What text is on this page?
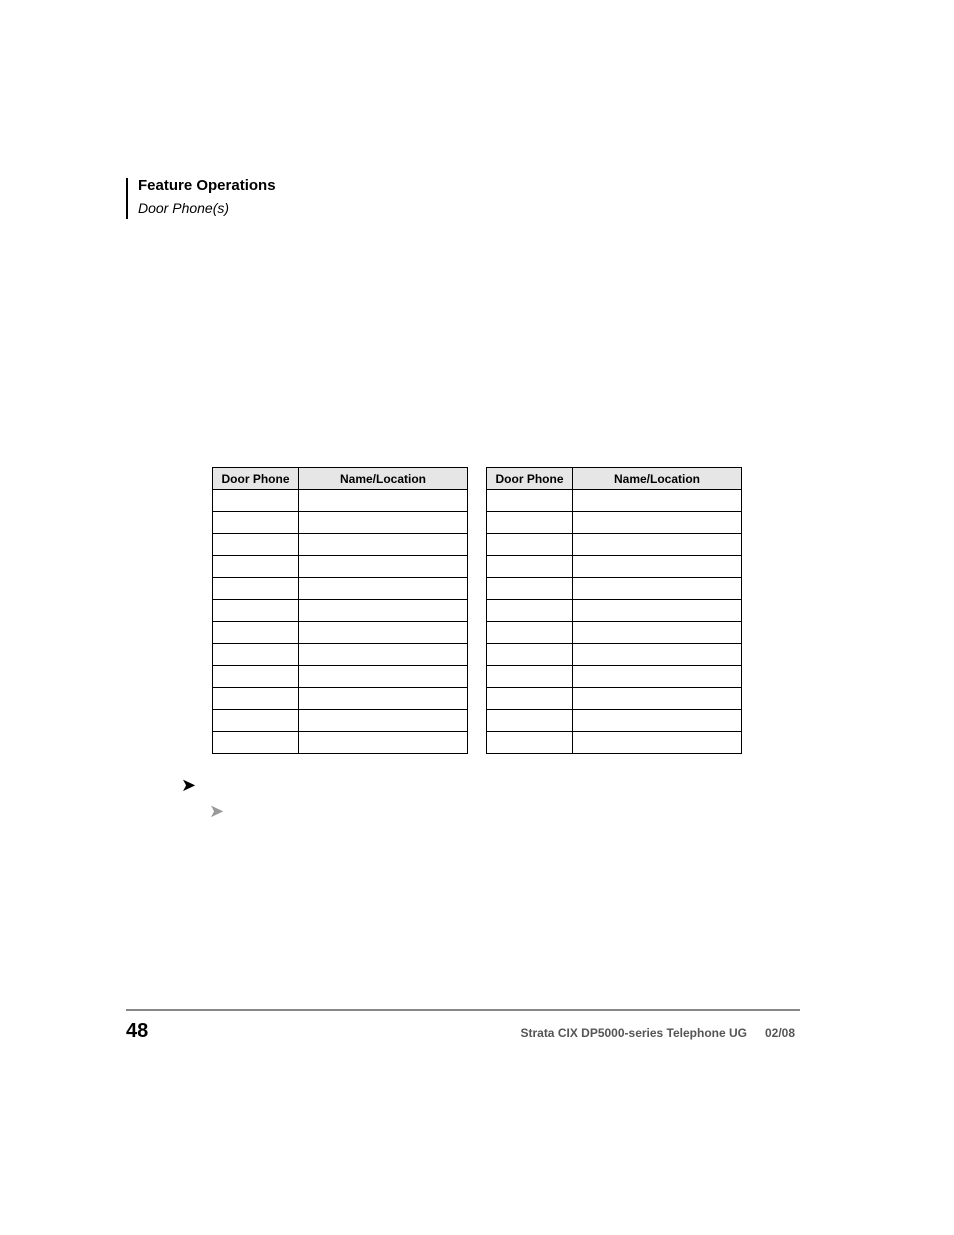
Feature Operations
Door Phone(s)
Door Phone	Name/Location

		Door Phone	Name/Location

➤
➤
48	Strata CIX DP5000-series Telephone UG 02/08
